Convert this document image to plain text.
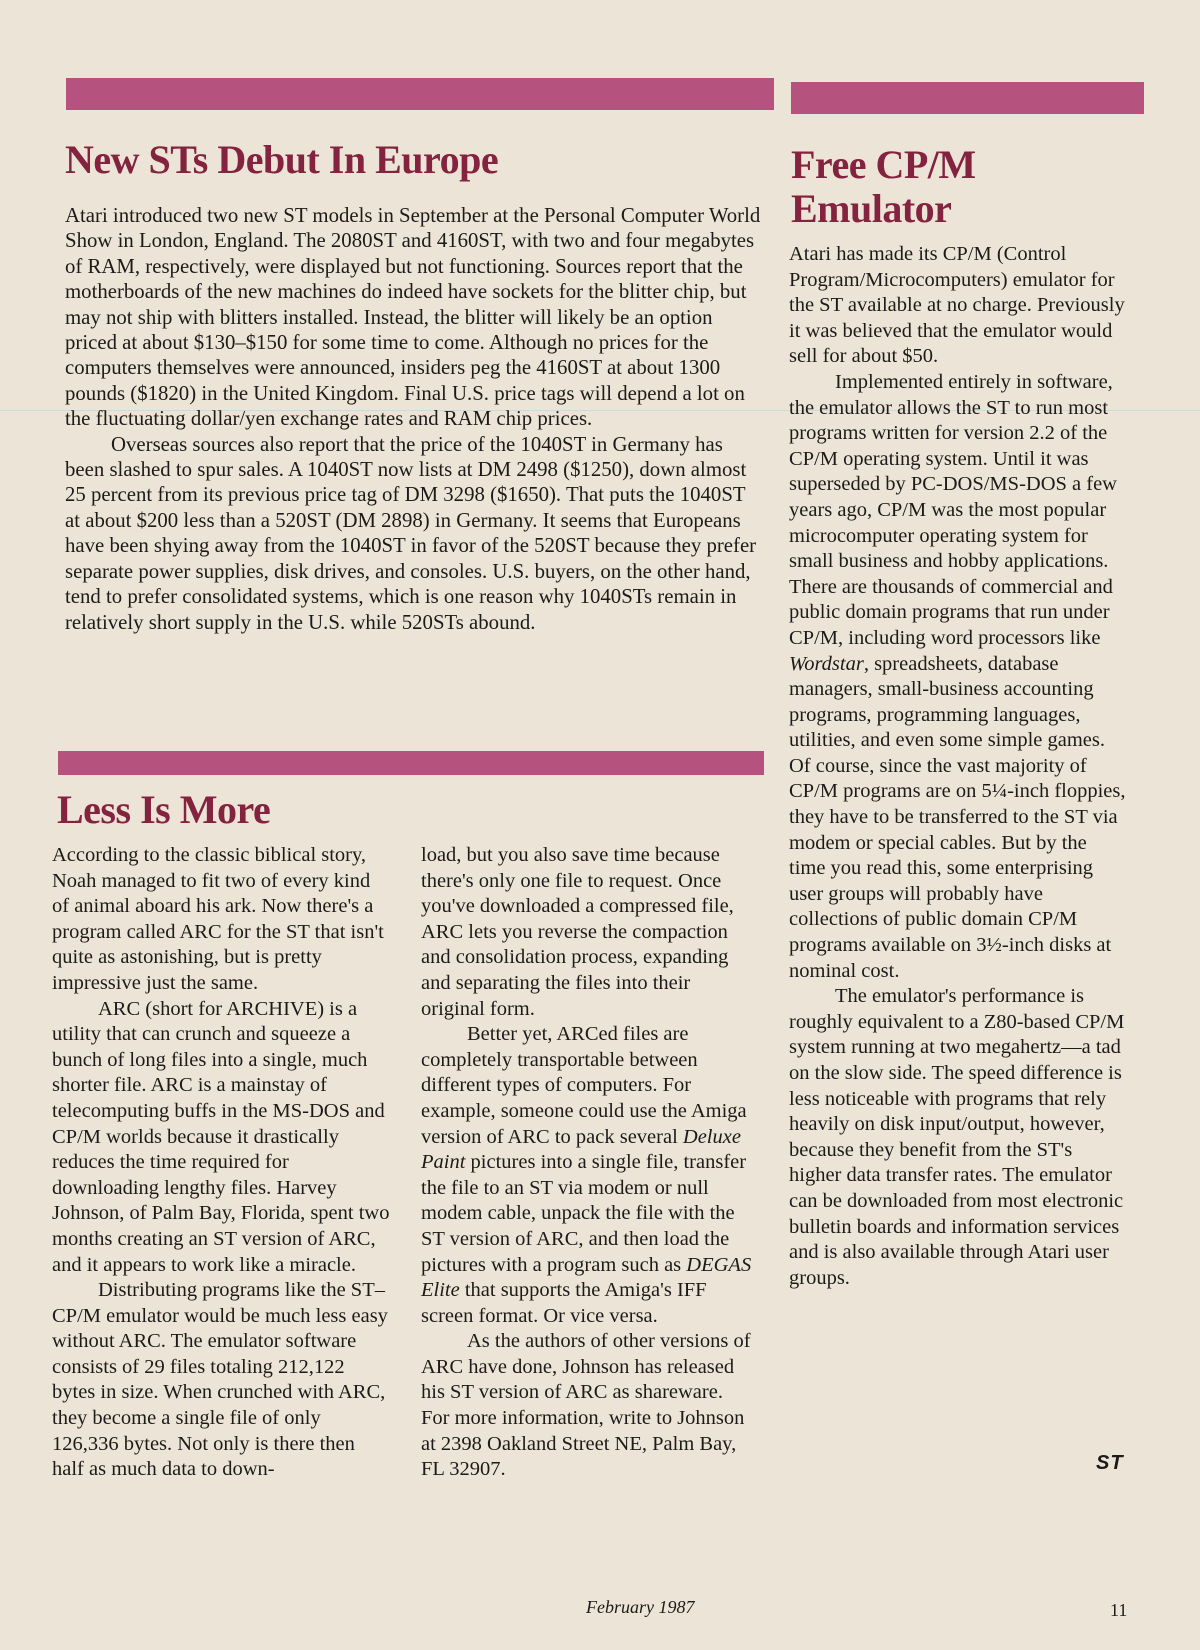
New STs Debut In Europe

Atari introduced two new ST models in September at the Personal Computer World Show in London, England. The 2080ST and 4160ST, with two and four megabytes of RAM, respectively, were displayed but not functioning. Sources report that the motherboards of the new machines do indeed have sockets for the blitter chip, but may not ship with blitters installed. Instead, the blitter will likely be an option priced at about $130–$150 for some time to come. Although no prices for the computers themselves were announced, insiders peg the 4160ST at about 1300 pounds ($1820) in the United Kingdom. Final U.S. price tags will depend a lot on the fluctuating dollar/yen exchange rates and RAM chip prices.

Overseas sources also report that the price of the 1040ST in Germany has been slashed to spur sales. A 1040ST now lists at DM 2498 ($1250), down almost 25 percent from its previous price tag of DM 3298 ($1650). That puts the 1040ST at about $200 less than a 520ST (DM 2898) in Germany. It seems that Europeans have been shying away from the 1040ST in favor of the 520ST because they prefer separate power supplies, disk drives, and consoles. U.S. buyers, on the other hand, tend to prefer consolidated systems, which is one reason why 1040STs remain in relatively short supply in the U.S. while 520STs abound.

Less Is More

According to the classic biblical story, Noah managed to fit two of every kind of animal aboard his ark. Now there's a program called ARC for the ST that isn't quite as astonishing, but is pretty impressive just the same.

ARC (short for ARCHIVE) is a utility that can crunch and squeeze a bunch of long files into a single, much shorter file. ARC is a mainstay of telecomputing buffs in the MS-DOS and CP/M worlds because it drastically reduces the time required for downloading lengthy files. Harvey Johnson, of Palm Bay, Florida, spent two months creating an ST version of ARC, and it appears to work like a miracle.

Distributing programs like the ST–CP/M emulator would be much less easy without ARC. The emulator software consists of 29 files totaling 212,122 bytes in size. When crunched with ARC, they become a single file of only 126,336 bytes. Not only is there then half as much data to down-

load, but you also save time because there's only one file to request. Once you've downloaded a compressed file, ARC lets you reverse the compaction and consolidation process, expanding and separating the files into their original form.

Better yet, ARCed files are completely transportable between different types of computers. For example, someone could use the Amiga version of ARC to pack several Deluxe Paint pictures into a single file, transfer the file to an ST via modem or null modem cable, unpack the file with the ST version of ARC, and then load the pictures with a program such as DEGAS Elite that supports the Amiga's IFF screen format. Or vice versa.

As the authors of other versions of ARC have done, Johnson has released his ST version of ARC as shareware. For more information, write to Johnson at 2398 Oakland Street NE, Palm Bay, FL 32907.

Free CP/M
Emulator

Atari has made its CP/M (Control Program/Microcomputers) emulator for the ST available at no charge. Previously it was believed that the emulator would sell for about $50.

Implemented entirely in software, the emulator allows the ST to run most programs written for version 2.2 of the CP/M operating system. Until it was superseded by PC-DOS/MS-DOS a few years ago, CP/M was the most popular microcomputer operating system for small business and hobby applications. There are thousands of commercial and public domain programs that run under CP/M, including word processors like Wordstar, spreadsheets, database managers, small-business accounting programs, programming languages, utilities, and even some simple games. Of course, since the vast majority of CP/M programs are on 5¼-inch floppies, they have to be transferred to the ST via modem or special cables. But by the time you read this, some enterprising user groups will probably have collections of public domain CP/M programs available on 3½-inch disks at nominal cost.

The emulator's performance is roughly equivalent to a Z80-based CP/M system running at two megahertz—a tad on the slow side. The speed difference is less noticeable with programs that rely heavily on disk input/output, however, because they benefit from the ST's higher data transfer rates. The emulator can be downloaded from most electronic bulletin boards and information services and is also available through Atari user groups.

ST
February 1987	11
